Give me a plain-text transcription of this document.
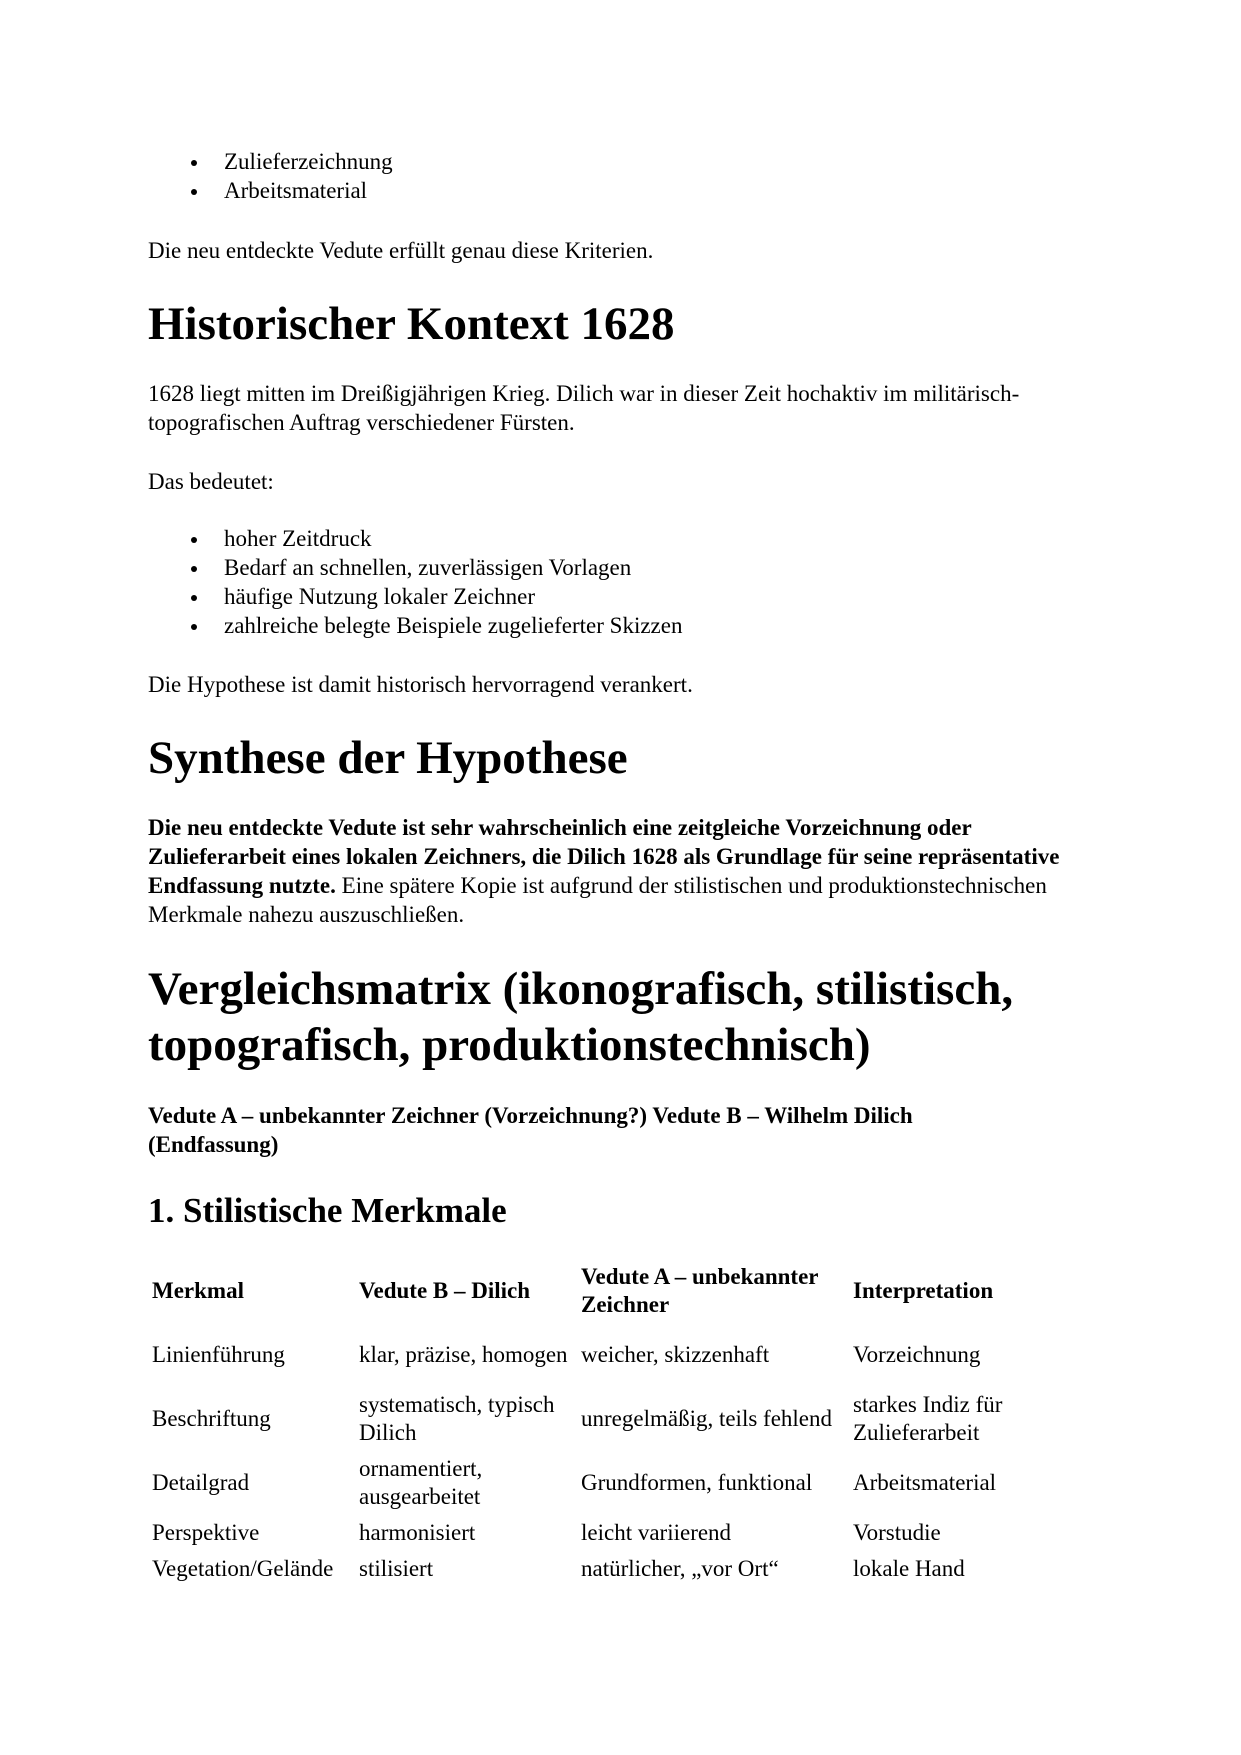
Zulieferzeichnung
Arbeitsmaterial

Die neu entdeckte Vedute erfüllt genau diese Kriterien.

Historischer Kontext 1628

1628 liegt mitten im Dreißigjährigen Krieg. Dilich war in dieser Zeit hochaktiv im militärisch-topografischen Auftrag verschiedener Fürsten.

Das bedeutet:

hoher Zeitdruck
Bedarf an schnellen, zuverlässigen Vorlagen
häufige Nutzung lokaler Zeichner
zahlreiche belegte Beispiele zugelieferter Skizzen

Die Hypothese ist damit historisch hervorragend verankert.

Synthese der Hypothese

Die neu entdeckte Vedute ist sehr wahrscheinlich eine zeitgleiche Vorzeichnung oder Zulieferarbeit eines lokalen Zeichners, die Dilich 1628 als Grundlage für seine repräsentative Endfassung nutzte. Eine spätere Kopie ist aufgrund der stilistischen und produktionstechnischen Merkmale nahezu auszuschließen.

Vergleichsmatrix (ikonografisch, stilistisch, topografisch, produktionstechnisch)

Vedute A – unbekannter Zeichner (Vorzeichnung?) Vedute B – Wilhelm Dilich (Endfassung)

1. Stilistische Merkmale
Merkmal	Vedute B – Dilich	Vedute A – unbekannter Zeichner	Interpretation
Linienführung	klar, präzise, homogen	weicher, skizzenhaft	Vorzeichnung
Beschriftung	systematisch, typisch Dilich	unregelmäßig, teils fehlend	starkes Indiz für Zulieferarbeit
Detailgrad	ornamentiert, ausgearbeitet	Grundformen, funktional	Arbeitsmaterial
Perspektive	harmonisiert	leicht variierend	Vorstudie
Vegetation/Gelände	stilisiert	natürlicher, „vor Ort“	lokale Hand
